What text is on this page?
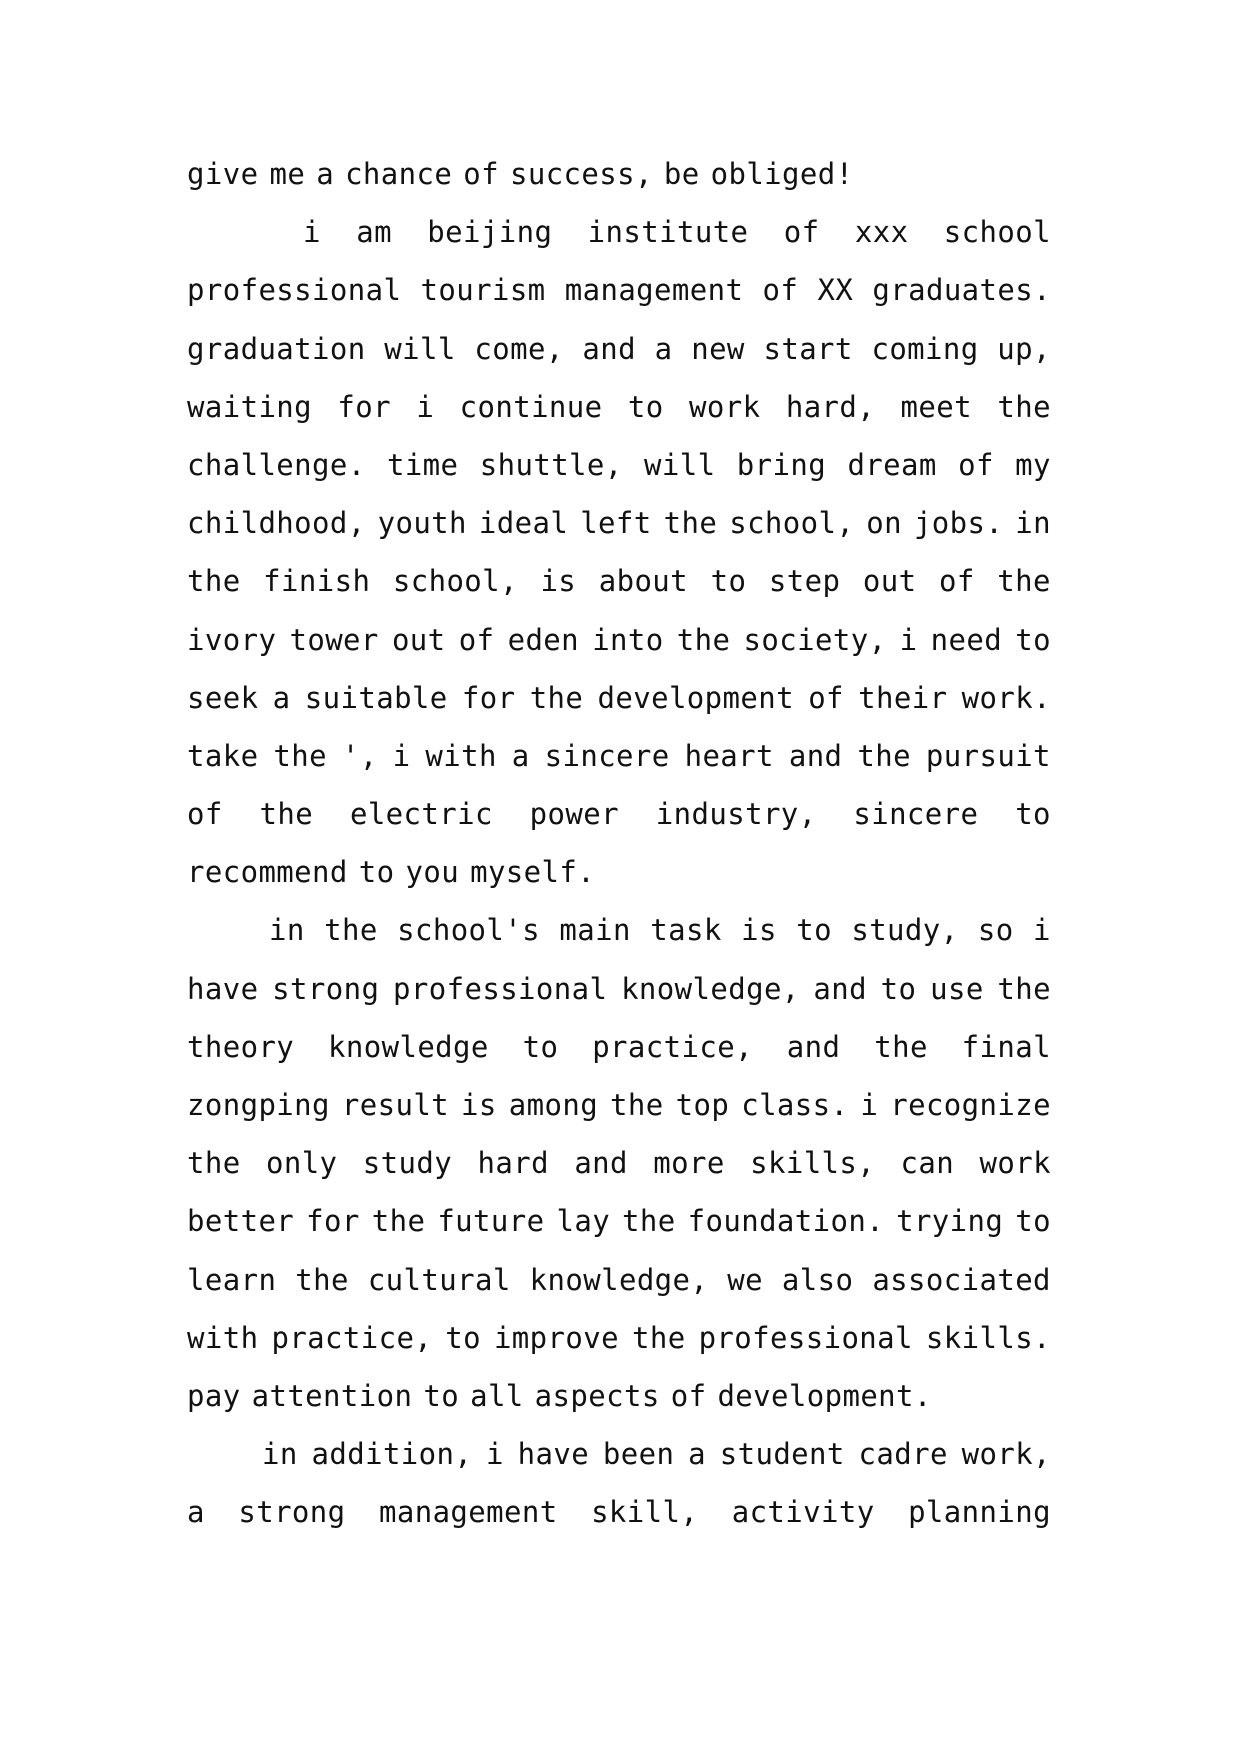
give me a chance of success, be obliged!
i am beijing institute of xxx school
professional tourism management of XX graduates.
graduation will come, and a new start coming up,
waiting for i continue to work hard, meet the
challenge. time shuttle, will bring dream of my
childhood, youth ideal left the school, on jobs. in
the finish school, is about to step out of the
ivory tower out of eden into the society, i need to
seek a suitable for the development of their work.
take the ', i with a sincere heart and the pursuit
of the electric power industry, sincere to
recommend to you myself.
in the school's main task is to study, so i
have strong professional knowledge, and to use the
theory knowledge to practice, and the final
zongping result is among the top class. i recognize
the only study hard and more skills, can work
better for the future lay the foundation. trying to
learn the cultural knowledge, we also associated
with practice, to improve the professional skills.
pay attention to all aspects of development.
in addition, i have been a student cadre work,
a strong management skill, activity planning
